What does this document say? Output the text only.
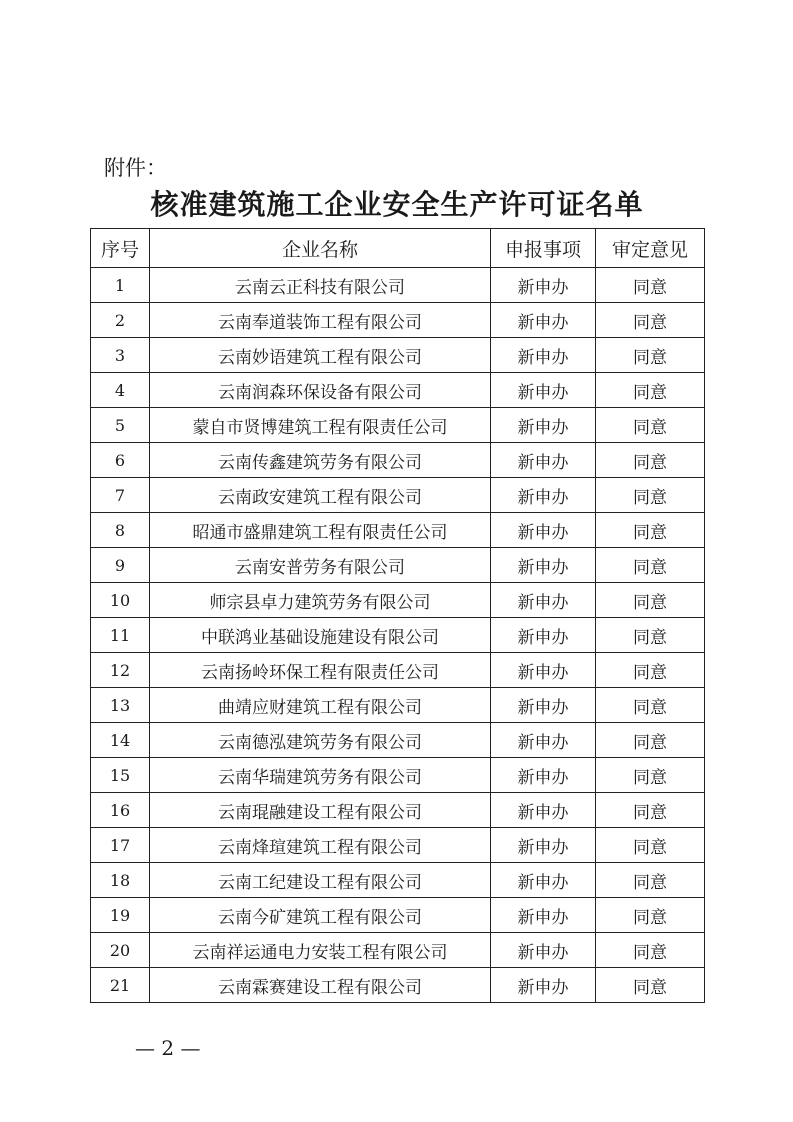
附件：
核准建筑施工企业安全生产许可证名单
序号	企业名称	申报事项	审定意见
1	云南云正科技有限公司	新申办	同意
2	云南奉道装饰工程有限公司	新申办	同意
3	云南妙语建筑工程有限公司	新申办	同意
4	云南润森环保设备有限公司	新申办	同意
5	蒙自市贤博建筑工程有限责任公司	新申办	同意
6	云南传鑫建筑劳务有限公司	新申办	同意
7	云南政安建筑工程有限公司	新申办	同意
8	昭通市盛鼎建筑工程有限责任公司	新申办	同意
9	云南安普劳务有限公司	新申办	同意
10	师宗县卓力建筑劳务有限公司	新申办	同意
11	中联鸿业基础设施建设有限公司	新申办	同意
12	云南扬岭环保工程有限责任公司	新申办	同意
13	曲靖应财建筑工程有限公司	新申办	同意
14	云南德泓建筑劳务有限公司	新申办	同意
15	云南华瑞建筑劳务有限公司	新申办	同意
16	云南琨融建设工程有限公司	新申办	同意
17	云南烽瑄建筑工程有限公司	新申办	同意
18	云南工纪建设工程有限公司	新申办	同意
19	云南今矿建筑工程有限公司	新申办	同意
20	云南祥运通电力安装工程有限公司	新申办	同意
21	云南霖赛建设工程有限公司	新申办	同意
— 2 —
